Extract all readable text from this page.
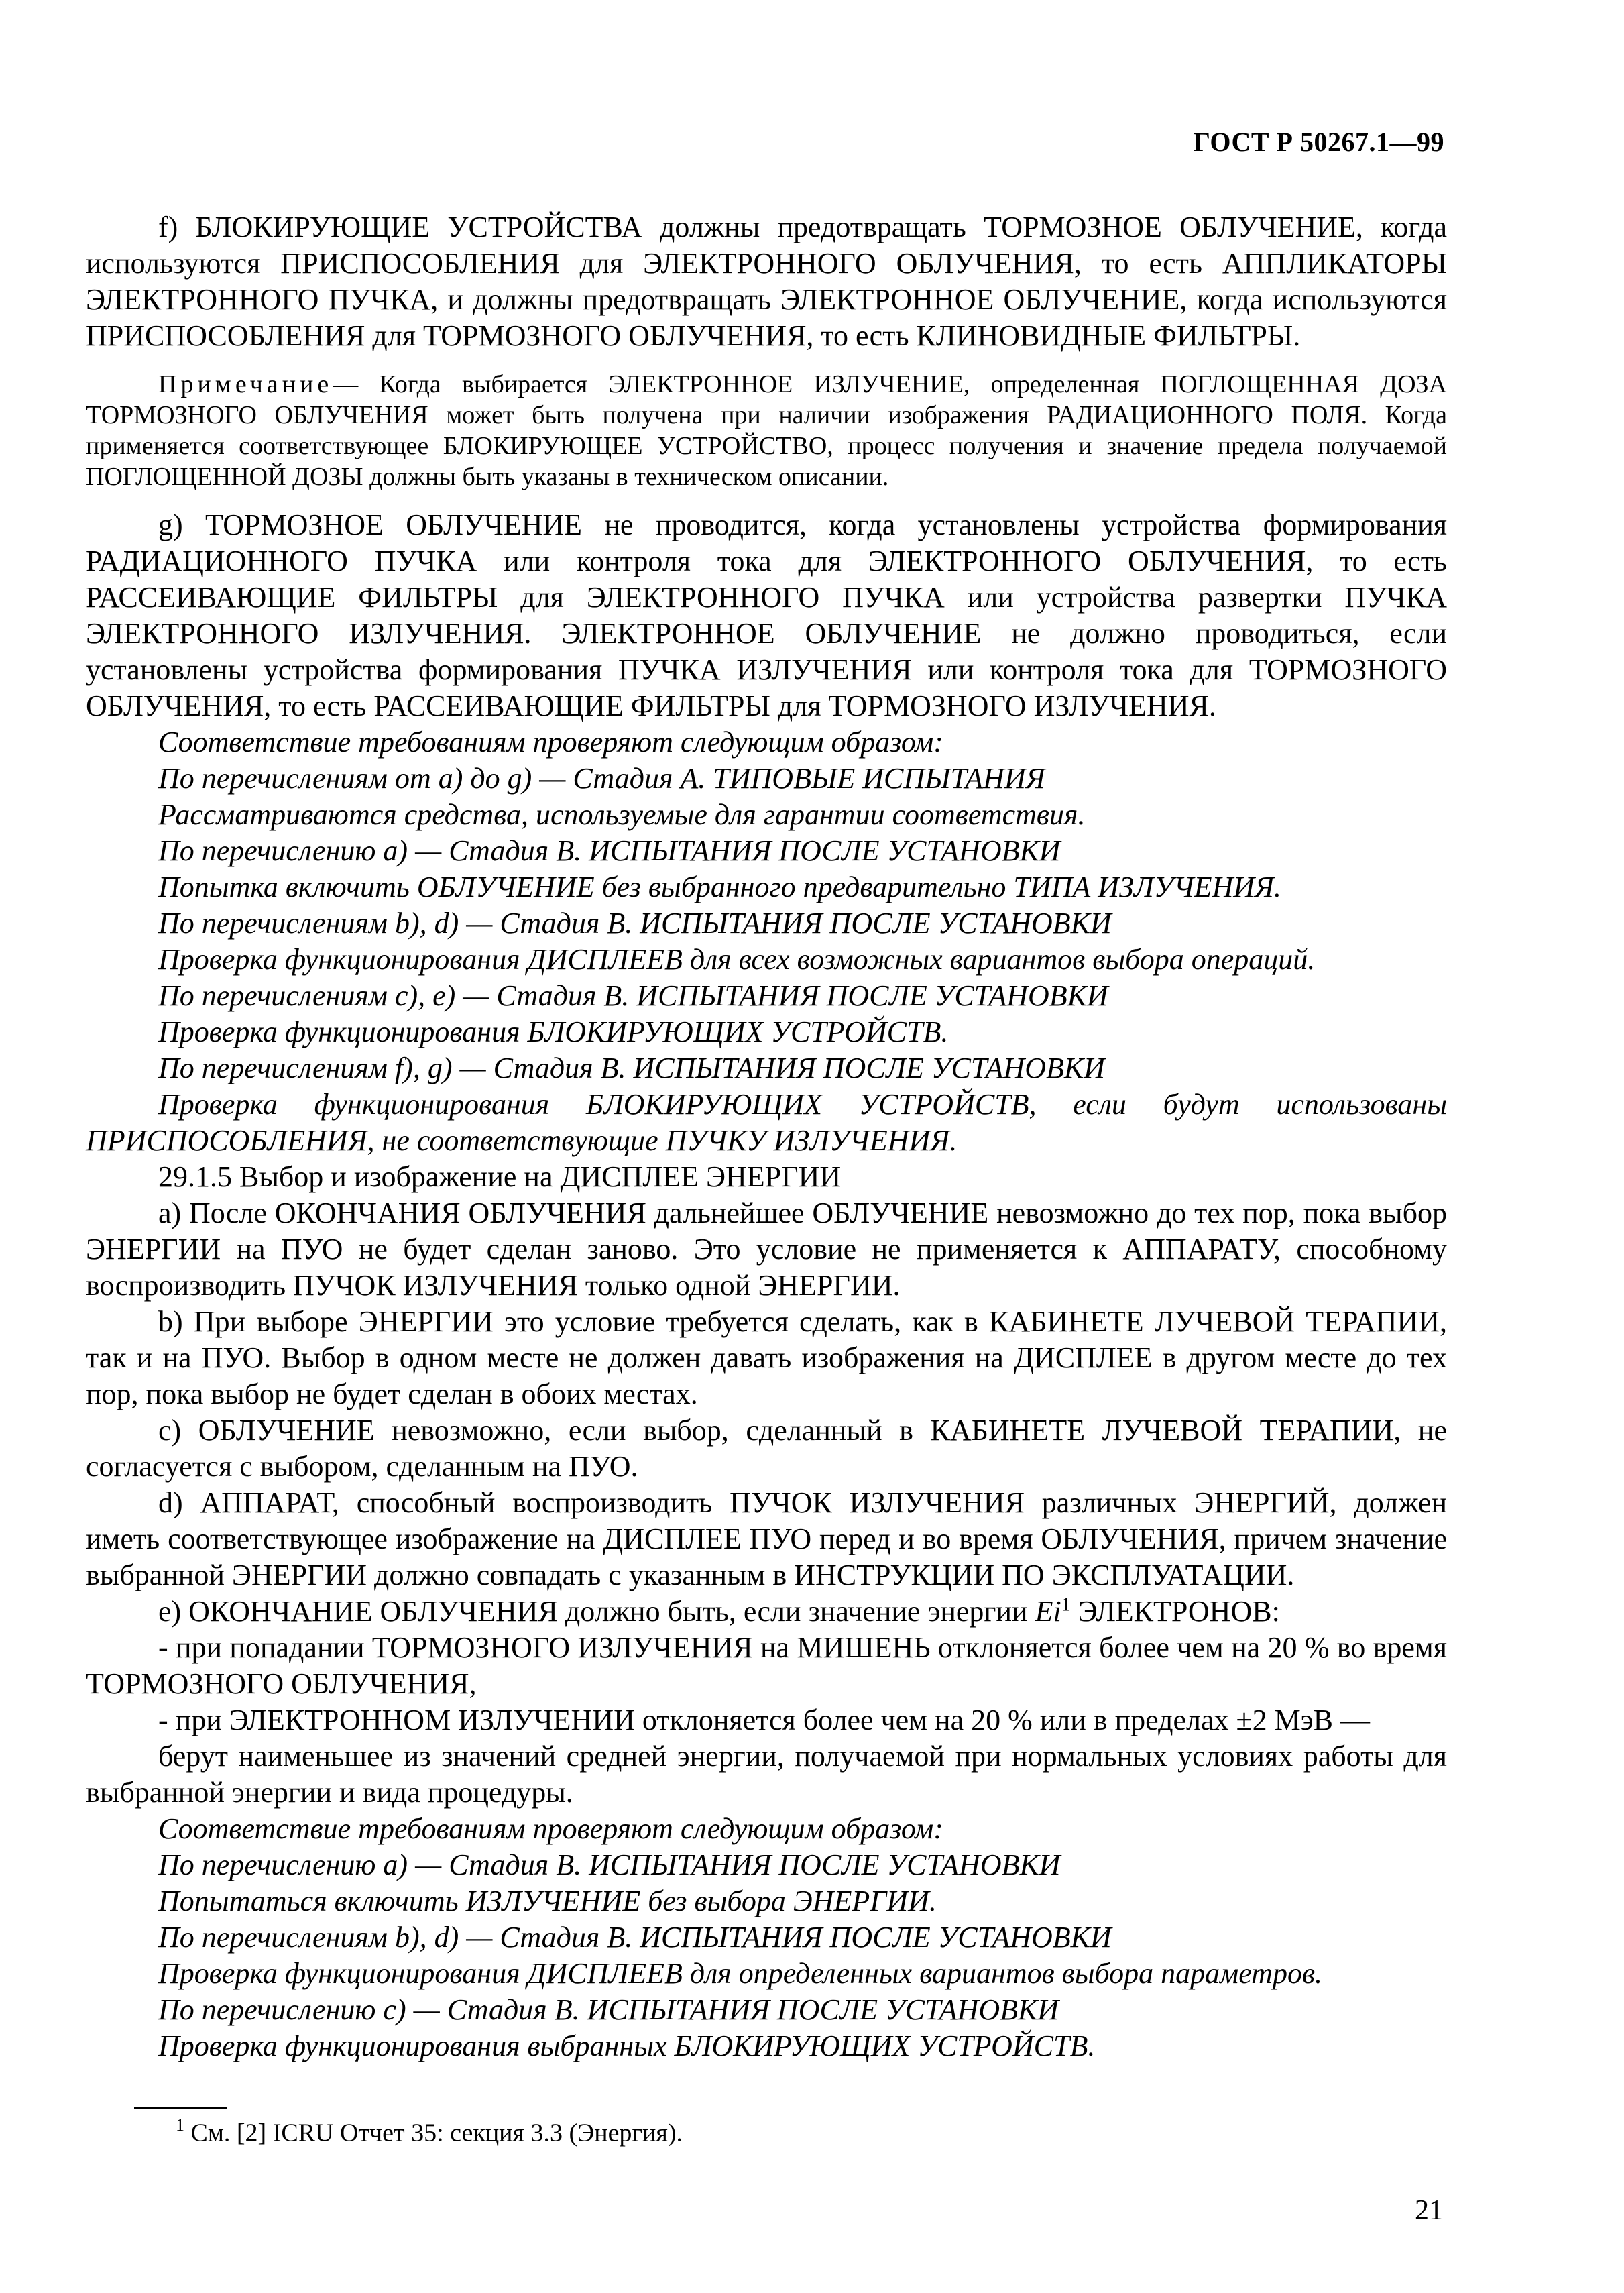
ГОСТ Р 50267.1—99

f) БЛОКИРУЮЩИЕ УСТРОЙСТВА должны предотвращать ТОРМОЗНОЕ ОБЛУЧЕНИЕ, когда используются ПРИСПОСОБЛЕНИЯ для ЭЛЕКТРОННОГО ОБЛУЧЕНИЯ, то есть АППЛИКАТОРЫ ЭЛЕКТРОННОГО ПУЧКА, и должны предотвращать ЭЛЕКТРОННОЕ ОБЛУЧЕНИЕ, когда используются ПРИСПОСОБЛЕНИЯ для ТОРМОЗНОГО ОБЛУЧЕНИЯ, то есть КЛИНОВИДНЫЕ ФИЛЬТРЫ.

Примечание— Когда выбирается ЭЛЕКТРОННОЕ ИЗЛУЧЕНИЕ, определенная ПОГЛОЩЕННАЯ ДОЗА ТОРМОЗНОГО ОБЛУЧЕНИЯ может быть получена при наличии изображения РАДИАЦИОННОГО ПОЛЯ. Когда применяется соответствующее БЛОКИРУЮЩЕЕ УСТРОЙСТВО, процесс получения и значение предела получаемой ПОГЛОЩЕННОЙ ДОЗЫ должны быть указаны в техническом описании.

g) ТОРМОЗНОЕ ОБЛУЧЕНИЕ не проводится, когда установлены устройства формирования РАДИАЦИОННОГО ПУЧКА или контроля тока для ЭЛЕКТРОННОГО ОБЛУЧЕНИЯ, то есть РАССЕИВАЮЩИЕ ФИЛЬТРЫ для ЭЛЕКТРОННОГО ПУЧКА или устройства развертки ПУЧКА ЭЛЕКТРОННОГО ИЗЛУЧЕНИЯ. ЭЛЕКТРОННОЕ ОБЛУЧЕНИЕ не должно проводиться, если установлены устройства формирования ПУЧКА ИЗЛУЧЕНИЯ или контроля тока для ТОРМОЗНОГО ОБЛУЧЕНИЯ, то есть РАССЕИВАЮЩИЕ ФИЛЬТРЫ для ТОРМОЗНОГО ИЗЛУЧЕНИЯ.

Соответствие требованиям проверяют следующим образом:

По перечислениям от а) до g) — Стадия А. ТИПОВЫЕ ИСПЫТАНИЯ

Рассматриваются средства, используемые для гарантии соответствия.

По перечислению а) — Стадия В. ИСПЫТАНИЯ ПОСЛЕ УСТАНОВКИ

Попытка включить ОБЛУЧЕНИЕ без выбранного предварительно ТИПА ИЗЛУЧЕНИЯ.

По перечислениям b), d) — Стадия В. ИСПЫТАНИЯ ПОСЛЕ УСТАНОВКИ

Проверка функционирования ДИСПЛЕЕВ для всех возможных вариантов выбора операций.

По перечислениям с), е) — Стадия В. ИСПЫТАНИЯ ПОСЛЕ УСТАНОВКИ

Проверка функционирования БЛОКИРУЮЩИХ УСТРОЙСТВ.

По перечислениям f), g) — Стадия В. ИСПЫТАНИЯ ПОСЛЕ УСТАНОВКИ

Проверка функционирования БЛОКИРУЮЩИХ УСТРОЙСТВ, если будут использованы ПРИСПОСОБЛЕНИЯ, не соответствующие ПУЧКУ ИЗЛУЧЕНИЯ.

29.1.5 Выбор и изображение на ДИСПЛЕЕ ЭНЕРГИИ

а) После ОКОНЧАНИЯ ОБЛУЧЕНИЯ дальнейшее ОБЛУЧЕНИЕ невозможно до тех пор, пока выбор ЭНЕРГИИ на ПУО не будет сделан заново. Это условие не применяется к АППАРАТУ, способному воспроизводить ПУЧОК ИЗЛУЧЕНИЯ только одной ЭНЕРГИИ.

b) При выборе ЭНЕРГИИ это условие требуется сделать, как в КАБИНЕТЕ ЛУЧЕВОЙ ТЕРАПИИ, так и на ПУО. Выбор в одном месте не должен давать изображения на ДИСПЛЕЕ в другом месте до тех пор, пока выбор не будет сделан в обоих местах.

с) ОБЛУЧЕНИЕ невозможно, если выбор, сделанный в КАБИНЕТЕ ЛУЧЕВОЙ ТЕРАПИИ, не согласуется с выбором, сделанным на ПУО.

d) АППАРАТ, способный воспроизводить ПУЧОК ИЗЛУЧЕНИЯ различных ЭНЕРГИЙ, должен иметь соответствующее изображение на ДИСПЛЕЕ ПУО перед и во время ОБЛУЧЕНИЯ, причем значение выбранной ЭНЕРГИИ должно совпадать с указанным в ИНСТРУКЦИИ ПО ЭКСПЛУАТАЦИИ.

е) ОКОНЧАНИЕ ОБЛУЧЕНИЯ должно быть, если значение энергии Ei$^1$ ЭЛЕКТРОНОВ:

- при попадании ТОРМОЗНОГО ИЗЛУЧЕНИЯ на МИШЕНЬ отклоняется более чем на 20 % во время ТОРМОЗНОГО ОБЛУЧЕНИЯ,

- при ЭЛЕКТРОННОМ ИЗЛУЧЕНИИ отклоняется более чем на 20 % или в пределах ±2 МэВ —

берут наименьшее из значений средней энергии, получаемой при нормальных условиях работы для выбранной энергии и вида процедуры.

Соответствие требованиям проверяют следующим образом:

По перечислению а) — Стадия В. ИСПЫТАНИЯ ПОСЛЕ УСТАНОВКИ

Попытаться включить ИЗЛУЧЕНИЕ без выбора ЭНЕРГИИ.

По перечислениям b), d) — Стадия В. ИСПЫТАНИЯ ПОСЛЕ УСТАНОВКИ

Проверка функционирования ДИСПЛЕЕВ для определенных вариантов выбора параметров.

По перечислению с) — Стадия В. ИСПЫТАНИЯ ПОСЛЕ УСТАНОВКИ

Проверка функционирования выбранных БЛОКИРУЮЩИХ УСТРОЙСТВ.

$^1$ См. [2] ICRU Отчет 35: секция 3.3 (Энергия).
21
